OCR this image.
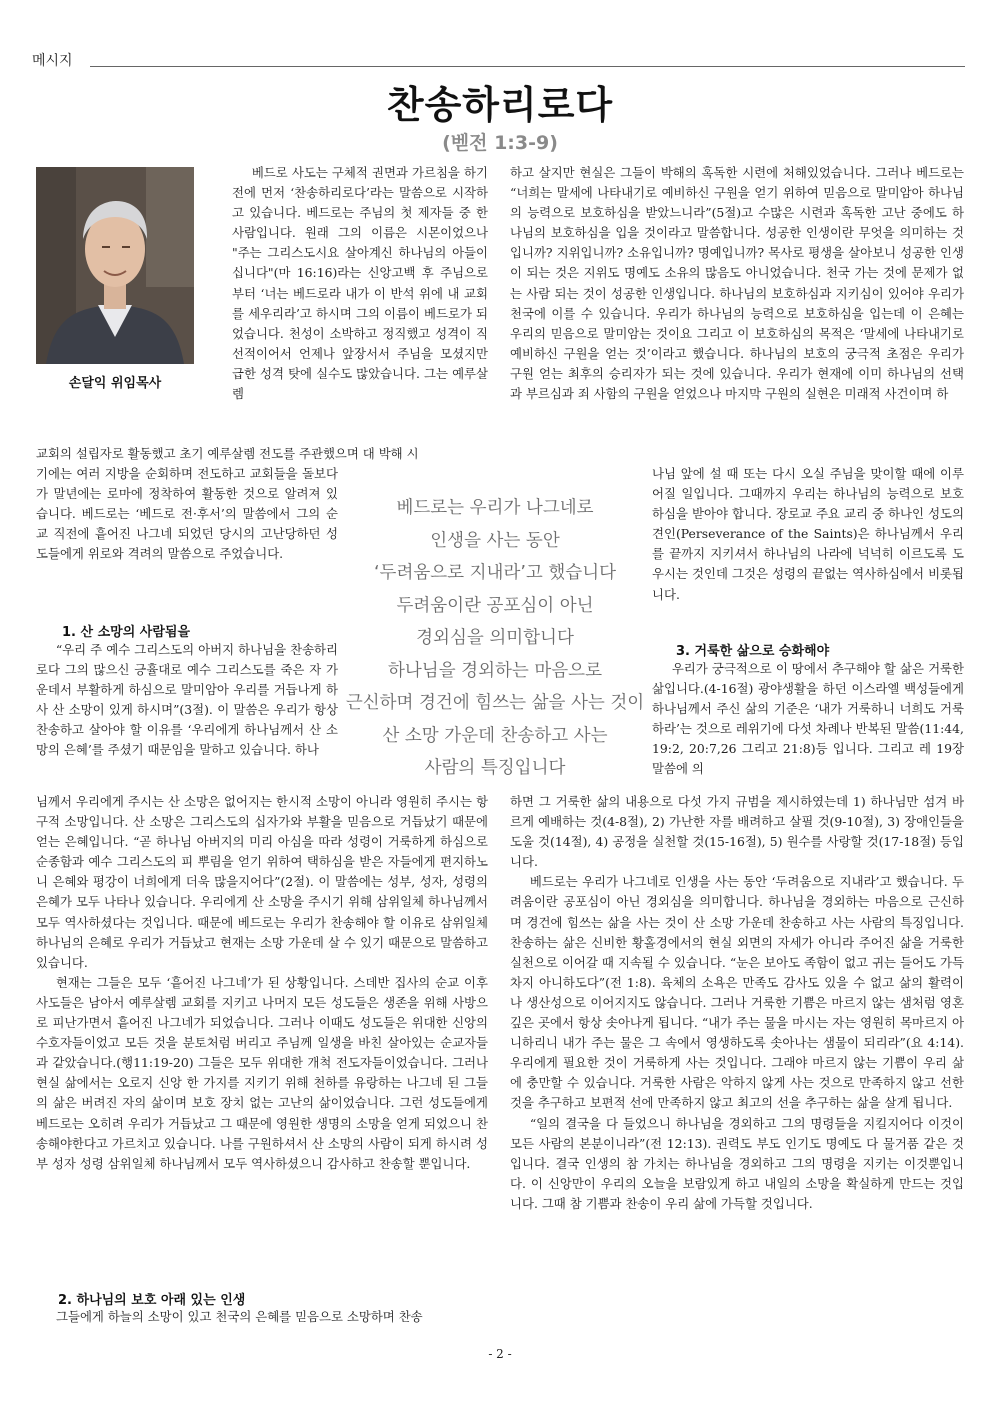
메시지
찬송하리로다
(벧전 1:3-9)
손달익 위임목사

베드로 사도는 구체적 권면과 가르침을 하기 전에 먼저 ‘찬송하리로다’라는 말씀으로 시작하고 있습니다. 베드로는 주님의 첫 제자들 중 한 사람입니다. 원래 그의 이름은 시몬이었으나 "주는 그리스도시요 살아계신 하나님의 아들이십니다"(마 16:16)라는 신앙고백 후 주님으로부터 ‘너는 베드로라 내가 이 반석 위에 내 교회를 세우리라’고 하시며 그의 이름이 베드로가 되었습니다. 천성이 소박하고 정직했고 성격이 직선적이어서 언제나 앞장서서 주님을 모셨지만 급한 성격 탓에 실수도 많았습니다. 그는 예루살렘

교회의 설립자로 활동했고 초기 예루살렘 전도를 주관했으며 대 박해 시

기에는 여러 지방을 순회하며 전도하고 교회들을 돌보다가 말년에는 로마에 정착하여 활동한 것으로 알려져 있습니다. 베드로는 ‘베드로 전·후서’의 말씀에서 그의 순교 직전에 흩어진 나그네 되었던 당시의 고난당하던 성도들에게 위로와 격려의 말씀으로 주었습니다.

1. 산 소망의 사람됨을

“우리 주 예수 그리스도의 아버지 하나님을 찬송하리로다 그의 많으신 긍휼대로 예수 그리스도를 죽은 자 가운데서 부활하게 하심으로 말미암아 우리를 거듭나게 하사 산 소망이 있게 하시며”(3절). 이 말씀은 우리가 항상 찬송하고 살아야 할 이유를 ‘우리에게 하나님께서 산 소망의 은혜’를 주셨기 때문임을 말하고 있습니다. 하나

님께서 우리에게 주시는 산 소망은 없어지는 한시적 소망이 아니라 영원히 주시는 항구적 소망입니다. 산 소망은 그리스도의 십자가와 부활을 믿음으로 거듭났기 때문에 얻는 은혜입니다. “곧 하나님 아버지의 미리 아심을 따라 성령이 거룩하게 하심으로 순종함과 예수 그리스도의 피 뿌림을 얻기 위하여 택하심을 받은 자들에게 편지하노니 은혜와 평강이 너희에게 더욱 많을지어다”(2절). 이 말씀에는 성부, 성자, 성령의 은혜가 모두 나타나 있습니다. 우리에게 산 소망을 주시기 위해 삼위일체 하나님께서 모두 역사하셨다는 것입니다. 때문에 베드로는 우리가 찬송해야 할 이유로 삼위일체 하나님의 은혜로 우리가 거듭났고 현재는 소망 가운데 살 수 있기 때문으로 말씀하고 있습니다.

현재는 그들은 모두 ‘흩어진 나그네’가 된 상황입니다. 스데반 집사의 순교 이후 사도들은 남아서 예루살렘 교회를 지키고 나머지 모든 성도들은 생존을 위해 사방으로 피난가면서 흩어진 나그네가 되었습니다. 그러나 이때도 성도들은 위대한 신앙의 수호자들이었고 모든 것을 분토처럼 버리고 주님께 일생을 바친 살아있는 순교자들과 같았습니다.(행11:19-20) 그들은 모두 위대한 개척 전도자들이었습니다. 그러나 현실 삶에서는 오로지 신앙 한 가지를 지키기 위해 천하를 유랑하는 나그네 된 그들의 삶은 버려진 자의 삶이며 보호 장치 없는 고난의 삶이었습니다. 그런 성도들에게 베드로는 오히려 우리가 거듭났고 그 때문에 영원한 생명의 소망을 얻게 되었으니 찬송해야한다고 가르치고 있습니다. 나를 구원하셔서 산 소망의 사람이 되게 하시려 성부 성자 성령 삼위일체 하나님께서 모두 역사하셨으니 감사하고 찬송할 뿐입니다.

2. 하나님의 보호 아래 있는 인생

그들에게 하늘의 소망이 있고 천국의 은혜를 믿음으로 소망하며 찬송

하고 살지만 현실은 그들이 박해의 혹독한 시련에 처해있었습니다. 그러나 베드로는 “너희는 말세에 나타내기로 예비하신 구원을 얻기 위하여 믿음으로 말미암아 하나님의 능력으로 보호하심을 받았느니라”(5절)고 수많은 시련과 혹독한 고난 중에도 하나님의 보호하심을 입을 것이라고 말씀합니다. 성공한 인생이란 무엇을 의미하는 것입니까? 지위입니까? 소유입니까? 명예입니까? 목사로 평생을 살아보니 성공한 인생이 되는 것은 지위도 명예도 소유의 많음도 아니었습니다. 천국 가는 것에 문제가 없는 사람 되는 것이 성공한 인생입니다. 하나님의 보호하심과 지키심이 있어야 우리가 천국에 이를 수 있습니다. 우리가 하나님의 능력으로 보호하심을 입는데 이 은혜는 우리의 믿음으로 말미암는 것이요 그리고 이 보호하심의 목적은 ‘말세에 나타내기로 예비하신 구원을 얻는 것’이라고 했습니다. 하나님의 보호의 궁극적 초점은 우리가 구원 얻는 최후의 승리자가 되는 것에 있습니다. 우리가 현재에 이미 하나님의 선택과 부르심과 죄 사함의 구원을 얻었으나 마지막 구원의 실현은 미래적 사건이며 하

나님 앞에 설 때 또는 다시 오실 주님을 맞이할 때에 이루어질 일입니다. 그때까지 우리는 하나님의 능력으로 보호하심을 받아야 합니다. 장로교 주요 교리 중 하나인 성도의 견인(Perseverance of the Saints)은 하나님께서 우리를 끝까지 지키셔서 하나님의 나라에 넉넉히 이르도록 도우시는 것인데 그것은 성령의 끝없는 역사하심에서 비롯됩니다.

3. 거룩한 삶으로 승화해야

우리가 궁극적으로 이 땅에서 추구해야 할 삶은 거룩한 삶입니다.(4-16절) 광야생활을 하던 이스라엘 백성들에게 하나님께서 주신 삶의 기준은 ‘내가 거룩하니 너희도 거룩하라’는 것으로 레위기에 다섯 차례나 반복된 말씀(11:44, 19:2, 20:7,26 그리고 21:8)등 입니다. 그리고 레 19장 말씀에 의

하면 그 거룩한 삶의 내용으로 다섯 가지 규범을 제시하였는데 1) 하나님만 섬겨 바르게 예배하는 것(4-8절), 2) 가난한 자를 배려하고 살필 것(9-10절), 3) 장애인들을 도울 것(14절), 4) 공정을 실천할 것(15-16절), 5) 원수를 사랑할 것(17-18절) 등입니다.

베드로는 우리가 나그네로 인생을 사는 동안 ‘두려움으로 지내라’고 했습니다. 두려움이란 공포심이 아닌 경외심을 의미합니다. 하나님을 경외하는 마음으로 근신하며 경건에 힘쓰는 삶을 사는 것이 산 소망 가운데 찬송하고 사는 사람의 특징입니다. 찬송하는 삶은 신비한 황홀경에서의 현실 외면의 자세가 아니라 주어진 삶을 거룩한 실천으로 이어갈 때 지속될 수 있습니다. “눈은 보아도 족함이 없고 귀는 들어도 가득 차지 아니하도다”(전 1:8). 육체의 소욕은 만족도 감사도 있을 수 없고 삶의 활력이나 생산성으로 이어지지도 않습니다. 그러나 거룩한 기쁨은 마르지 않는 샘처럼 영혼 깊은 곳에서 항상 솟아나게 됩니다. “내가 주는 물을 마시는 자는 영원히 목마르지 아니하리니 내가 주는 물은 그 속에서 영생하도록 솟아나는 샘물이 되리라”(요 4:14). 우리에게 필요한 것이 거룩하게 사는 것입니다. 그래야 마르지 않는 기쁨이 우리 삶에 충만할 수 있습니다. 거룩한 사람은 악하지 않게 사는 것으로 만족하지 않고 선한 것을 추구하고 보편적 선에 만족하지 않고 최고의 선을 추구하는 삶을 살게 됩니다.

“일의 결국을 다 들었으니 하나님을 경외하고 그의 명령들을 지킬지어다 이것이 모든 사람의 본분이니라”(전 12:13). 권력도 부도 인기도 명예도 다 물거품 같은 것입니다. 결국 인생의 참 가치는 하나님을 경외하고 그의 명령을 지키는 이것뿐입니다. 이 신앙만이 우리의 오늘을 보람있게 하고 내일의 소망을 확실하게 만드는 것입니다. 그때 참 기쁨과 찬송이 우리 삶에 가득할 것입니다.

베드로는 우리가 나그네로
인생을 사는 동안
‘두려움으로 지내라’고 했습니다
두려움이란 공포심이 아닌
경외심을 의미합니다
하나님을 경외하는 마음으로
근신하며 경건에 힘쓰는 삶을 사는 것이
산 소망 가운데 찬송하고 사는
사람의 특징입니다
- 2 -
